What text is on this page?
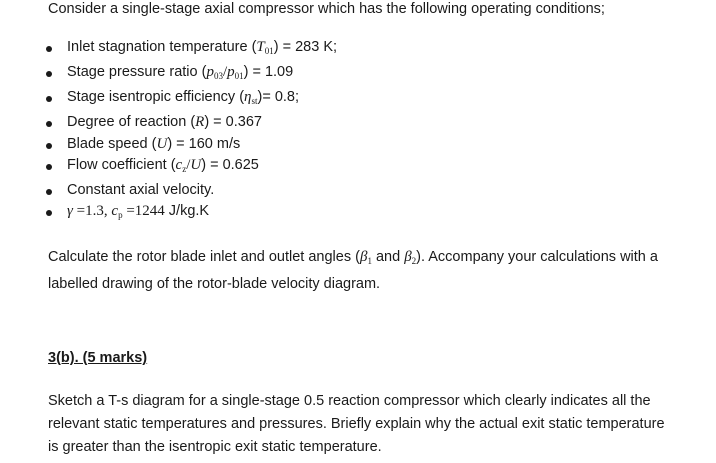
Consider a single-stage axial compressor which has the following operating conditions;

Inlet stagnation temperature $(T_{01}) = 283$ K;
Stage pressure ratio $(p_{03}/p_{01}) = 1.09$
Stage isentropic efficiency $(\eta_{st})= 0.8$;
Degree of reaction (R) = 0.367
Blade speed (U) = 160 m/s
Flow coefficient $(c_z/U) = 0.625$
Constant axial velocity.
γ =1.3, $c_p =1244$ J/kg.K

Calculate the rotor blade inlet and outlet angles ($\beta_1$ and $\beta_2$). Accompany your calculations with a labelled drawing of the rotor-blade velocity diagram.

3(b). (5 marks)

Sketch a T-s diagram for a single-stage 0.5 reaction compressor which clearly indicates all the relevant static temperatures and pressures. Briefly explain why the actual exit static temperature is greater than the isentropic exit static temperature.
